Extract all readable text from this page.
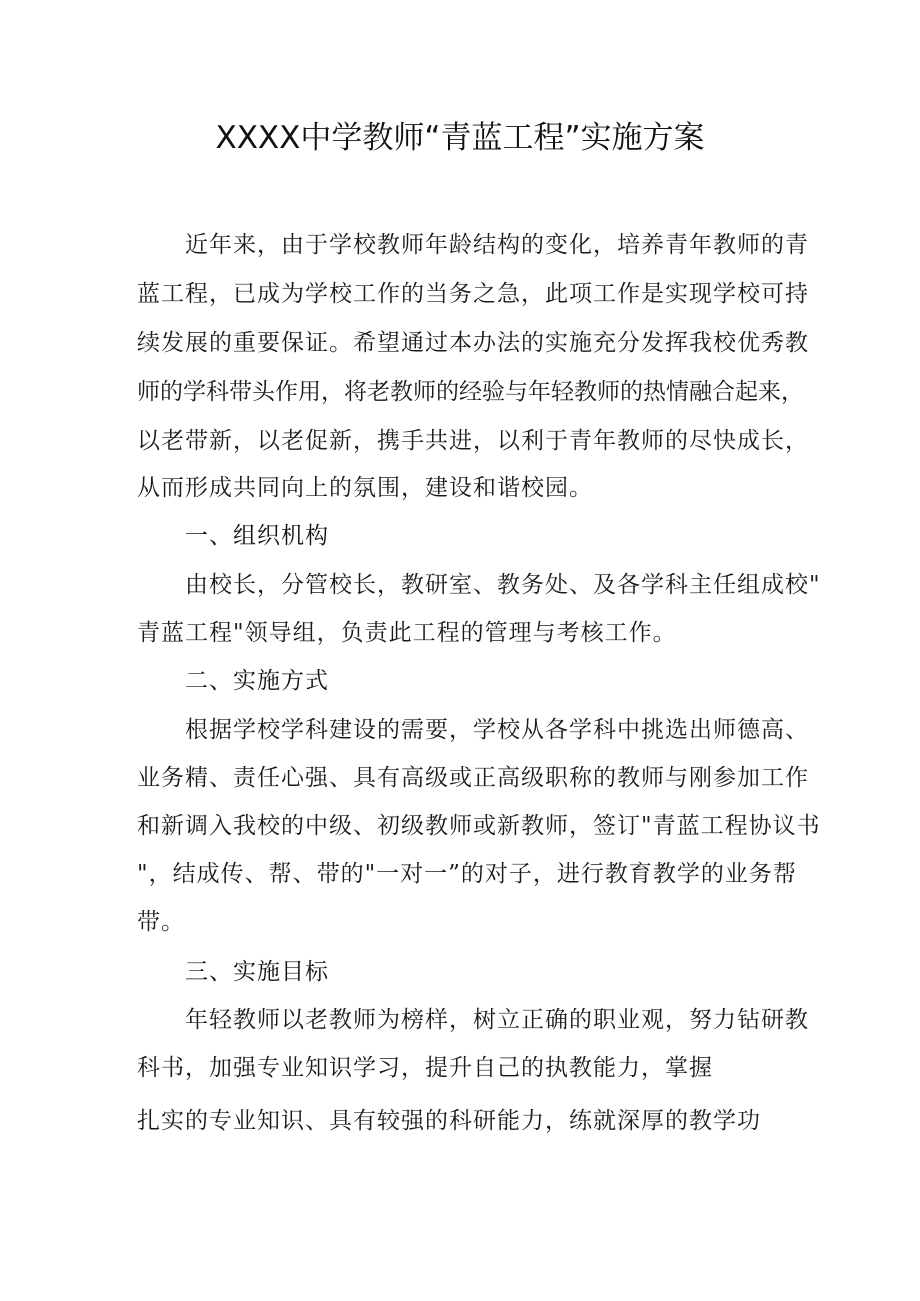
XXXX中学教师“青蓝工程”实施方案
近年来，由于学校教师年龄结构的变化，培养青年教师的青
蓝工程，已成为学校工作的当务之急，此项工作是实现学校可持
续发展的重要保证。希望通过本办法的实施充分发挥我校优秀教
师的学科带头作用，将老教师的经验与年轻教师的热情融合起来，
以老带新，以老促新，携手共进，以利于青年教师的尽快成长，
从而形成共同向上的氛围，建设和谐校园。
一、组织机构
由校长，分管校长，教研室、教务处、及各学科主任组成校"
青蓝工程"领导组，负责此工程的管理与考核工作。
二、实施方式
根据学校学科建设的需要，学校从各学科中挑选出师德高、
业务精、责任心强、具有高级或正高级职称的教师与刚参加工作
和新调入我校的中级、初级教师或新教师，签订"青蓝工程协议书
"，结成传、帮、带的"一对一”的对子，进行教育教学的业务帮
带。
三、实施目标
年轻教师以老教师为榜样，树立正确的职业观，努力钻研教
科书，加强专业知识学习，提升自己的执教能力，掌握
扎实的专业知识、具有较强的科研能力，练就深厚的教学功
